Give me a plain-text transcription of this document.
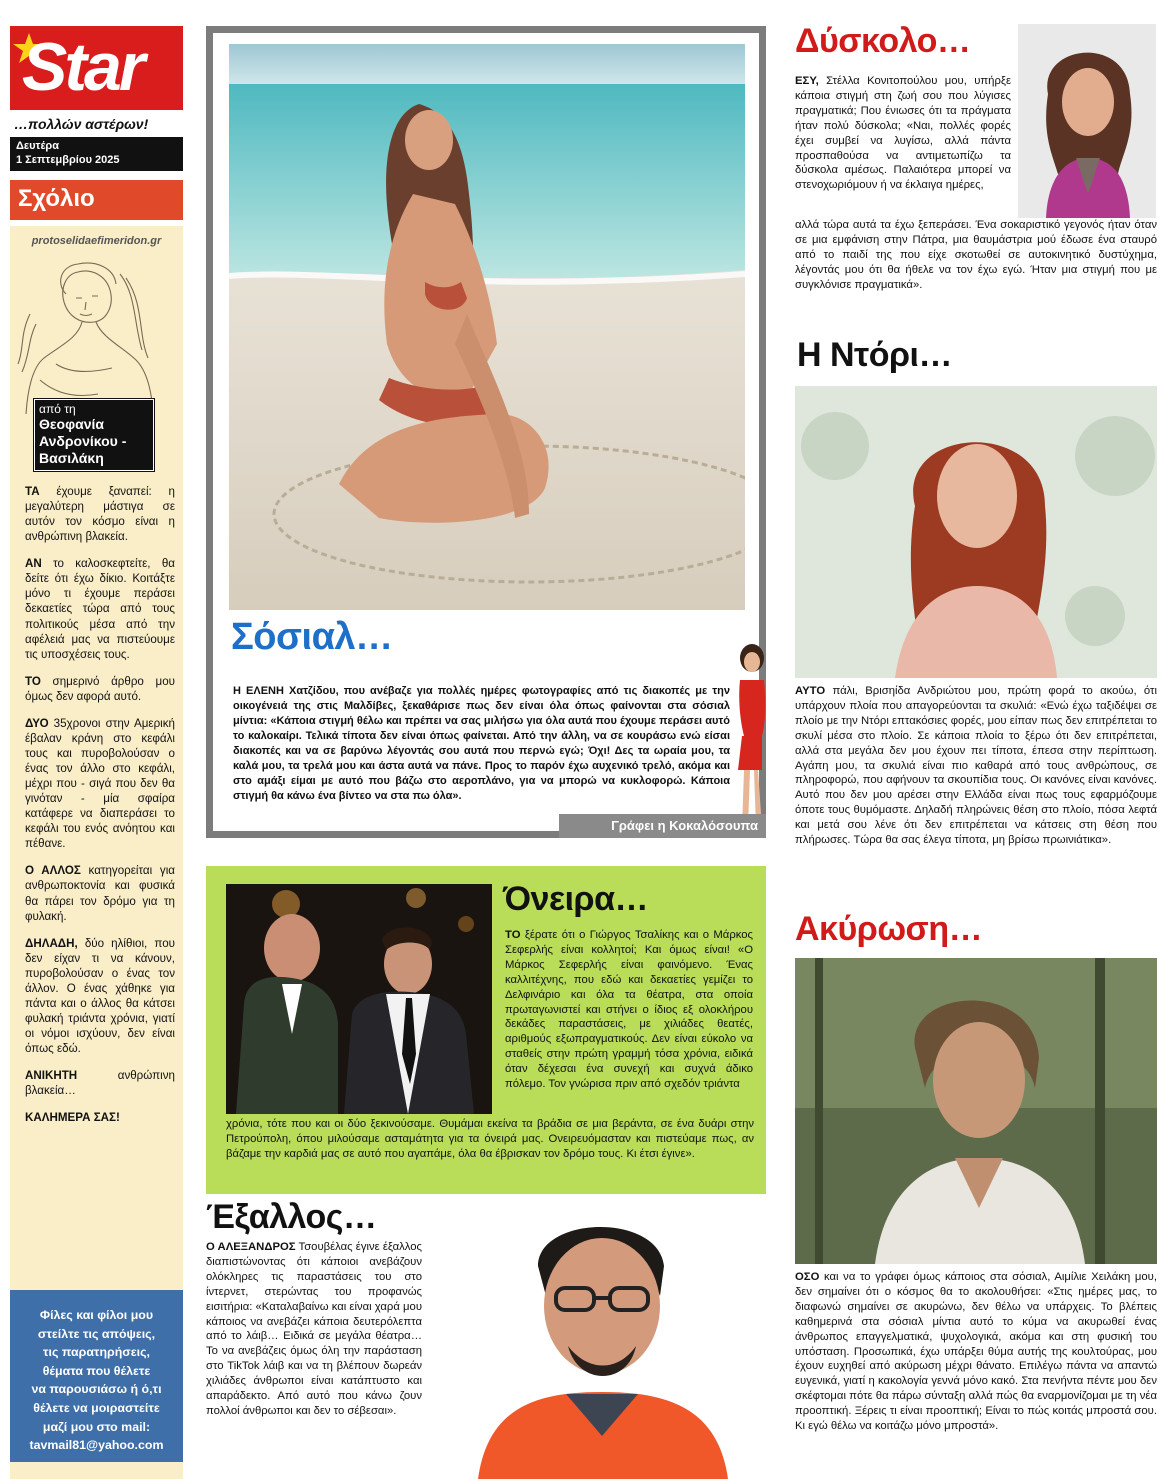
Star
…πολλών αστέρων!
Δευτέρα
1 Σεπτεμβρίου 2025
Σχόλιο
protoselidaefimeridon.gr
από τη
Θεοφανία Ανδρονίκου - Βασιλάκη

ΤΑ έχουμε ξαναπεί: η μεγαλύτερη μάστιγα σε αυτόν τον κόσμο είναι η ανθρώπινη βλακεία.

ΑΝ το καλοσκεφτείτε, θα δείτε ότι έχω δίκιο. Κοιτάξτε μόνο τι έχουμε περάσει δεκαετίες τώρα από τους πολιτικούς μέσα από την αφέλειά μας να πιστεύουμε τις υποσχέσεις τους.

ΤΟ σημερινό άρθρο μου όμως δεν αφορά αυτό.

ΔΥΟ 35χρονοι στην Αμερική έβαλαν κράνη στο κεφάλι τους και πυροβολούσαν ο ένας τον άλλο στο κεφάλι, μέχρι που - σιγά που δεν θα γινόταν - μία σφαίρα κατάφερε να διαπεράσει το κεφάλι του ενός ανόητου και πέθανε.

Ο ΑΛΛΟΣ κατηγορείται για ανθρωποκτονία και φυσικά θα πάρει τον δρόμο για τη φυλακή.

ΔΗΛΑΔΗ, δύο ηλίθιοι, που δεν είχαν τι να κάνουν, πυροβολούσαν ο ένας τον άλλον. Ο ένας χάθηκε για πάντα και ο άλλος θα κάτσει φυλακή τριάντα χρόνια, γιατί οι νόμοι ισχύουν, δεν είναι όπως εδώ.

ΑΝΙΚΗΤΗ ανθρώπινη βλακεία…

ΚΑΛΗΜΕΡΑ ΣΑΣ!

Φίλες και φίλοι μου
στείλτε τις απόψεις,
τις παρατηρήσεις,
θέματα που θέλετε
να παρουσιάσω ή ό,τι
θέλετε να μοιραστείτε
μαζί μου στο mail:
tavmail81@yahoo.com
Σόσιαλ…
Η ΕΛΕΝΗ Χατζίδου, που ανέβαζε για πολλές ημέρες φωτογραφίες από τις διακοπές με την οικογένειά της στις Μαλδίβες, ξεκαθάρισε πως δεν είναι όλα όπως φαίνονται στα σόσιαλ μίντια: «Κάποια στιγμή θέλω και πρέπει να σας μιλήσω για όλα αυτά που έχουμε περάσει αυτό το καλοκαίρι. Τελικά τίποτα δεν είναι όπως φαίνεται. Από την άλλη, να σε κουράσω ενώ είσαι διακοπές και να σε βαρύνω λέγοντάς σου αυτά που περνώ εγώ; Όχι! Δες τα ωραία μου, τα καλά μου, τα τρελά μου και άστα αυτά να πάνε. Προς το παρόν έχω αυχενικό τρελό, ακόμα και στο αμάξι είμαι με αυτό που βάζω στο αεροπλάνο, για να μπορώ να κυκλοφορώ. Κάποια στιγμή θα κάνω ένα βίντεο να στα πω όλα».
Γράφει η Κοκαλόσουπα
Όνειρα…
ΤΟ ξέρατε ότι ο Γιώργος Τσαλίκης και ο Μάρκος Σεφερλής είναι κολλητοί; Και όμως είναι! «Ο Μάρκος Σεφερλής είναι φαινόμενο. Ένας καλλιτέχνης, που εδώ και δεκαετίες γεμίζει το Δελφινάριο και όλα τα θέατρα, στα οποία πρωταγωνιστεί και στήνει ο ίδιος εξ ολοκλήρου δεκάδες παραστάσεις, με χιλιάδες θεατές, αριθμούς εξωπραγματικούς. Δεν είναι εύκολο να σταθείς στην πρώτη γραμμή τόσα χρόνια, ειδικά όταν δέχεσαι ένα συνεχή και συχνά άδικο πόλεμο. Τον γνώρισα πριν από σχεδόν τριάντα
χρόνια, τότε που και οι δύο ξεκινούσαμε. Θυμάμαι εκείνα τα βράδια σε μια βεράντα, σε ένα δυάρι στην Πετρούπολη, όπου μιλούσαμε ασταμάτητα για τα όνειρά μας. Ονειρευόμασταν και πιστεύαμε πως, αν βάζαμε την καρδιά μας σε αυτό που αγαπάμε, όλα θα έβρισκαν τον δρόμο τους. Κι έτσι έγινε».
Έξαλλος…
Ο ΑΛΕΞΑΝΔΡΟΣ Τσουβέλας έγινε έξαλλος διαπιστώνοντας ότι κάποιοι ανεβάζουν ολόκληρες τις παραστάσεις του στο ίντερνετ, στερώντας του προφανώς εισιτήρια: «Καταλαβαίνω και είναι χαρά μου κάποιος να ανεβάζει κάποια δευτερόλεπτα από το λάιβ… Ειδικά σε μεγάλα θέατρα… Το να ανεβάζεις όμως όλη την παράσταση στο TikTok λάιβ και να τη βλέπουν δωρεάν χιλιάδες άνθρωποι είναι κατάπτυστο και απαράδεκτο. Από αυτό που κάνω ζουν πολλοί άνθρωποι και δεν το σέβεσαι».
Δύσκολο…
ΕΣΥ, Στέλλα Κονιτοπούλου μου, υπήρξε κάποια στιγμή στη ζωή σου που λύγισες πραγματικά; Που ένιωσες ότι τα πράγματα ήταν πολύ δύσκολα; «Ναι, πολλές φορές έχει συμβεί να λυγίσω, αλλά πάντα προσπαθούσα να αντιμετωπίζω τα δύσκολα αμέσως. Παλαιότερα μπορεί να στενοχωριόμουν ή να έκλαιγα ημέρες,
αλλά τώρα αυτά τα έχω ξεπεράσει. Ένα σοκαριστικό γεγονός ήταν όταν σε μια εμφάνιση στην Πάτρα, μια θαυμάστρια μού έδωσε ένα σταυρό από το παιδί της που είχε σκοτωθεί σε αυτοκινητικό δυστύχημα, λέγοντάς μου ότι θα ήθελε να τον έχω εγώ. Ήταν μια στιγμή που με συγκλόνισε πραγματικά».
Η Ντόρι…
ΑΥΤΟ πάλι, Βρισηίδα Ανδριώτου μου, πρώτη φορά το ακούω, ότι υπάρχουν πλοία που απαγορεύονται τα σκυλιά: «Ενώ έχω ταξιδέψει σε πλοίο με την Ντόρι επτακόσιες φορές, μου είπαν πως δεν επιτρέπεται το σκυλί μέσα στο πλοίο. Σε κάποια πλοία το ξέρω ότι δεν επιτρέπεται, αλλά στα μεγάλα δεν μου έχουν πει τίποτα, έπεσα στην περίπτωση. Αγάπη μου, τα σκυλιά είναι πιο καθαρά από τους ανθρώπους, σε πληροφορώ, που αφήνουν τα σκουπίδια τους. Οι κανόνες είναι κανόνες. Αυτό που δεν μου αρέσει στην Ελλάδα είναι πως τους εφαρμόζουμε όποτε τους θυμόμαστε. Δηλαδή πληρώνεις θέση στο πλοίο, πόσα λεφτά και μετά σου λένε ότι δεν επιτρέπεται να κάτσεις στη θέση που πλήρωσες. Τώρα θα σας έλεγα τίποτα, μη βρίσω πρωινιάτικα».
Ακύρωση…
ΟΣΟ και να το γράφει όμως κάποιος στα σόσιαλ, Αιμίλιε Χειλάκη μου, δεν σημαίνει ότι ο κόσμος θα το ακολουθήσει: «Στις ημέρες μας, το διαφωνώ σημαίνει σε ακυρώνω, δεν θέλω να υπάρχεις. Το βλέπεις καθημερινά στα σόσιαλ μίντια αυτό το κύμα να ακυρωθεί ένας άνθρωπος επαγγελματικά, ψυχολογικά, ακόμα και στη φυσική του υπόσταση. Προσωπικά, έχω υπάρξει θύμα αυτής της κουλτούρας, μου έχουν ευχηθεί από ακύρωση μέχρι θάνατο. Επιλέγω πάντα να απαντώ ευγενικά, γιατί η κακολογία γεννά μόνο κακό. Στα πενήντα πέντε μου δεν σκέφτομαι πότε θα πάρω σύνταξη αλλά πώς θα εναρμονίζομαι με τη νέα προοπτική. Ξέρεις τι είναι προοπτική; Είναι το πώς κοιτάς μπροστά σου. Κι εγώ θέλω να κοιτάζω μόνο μπροστά».
